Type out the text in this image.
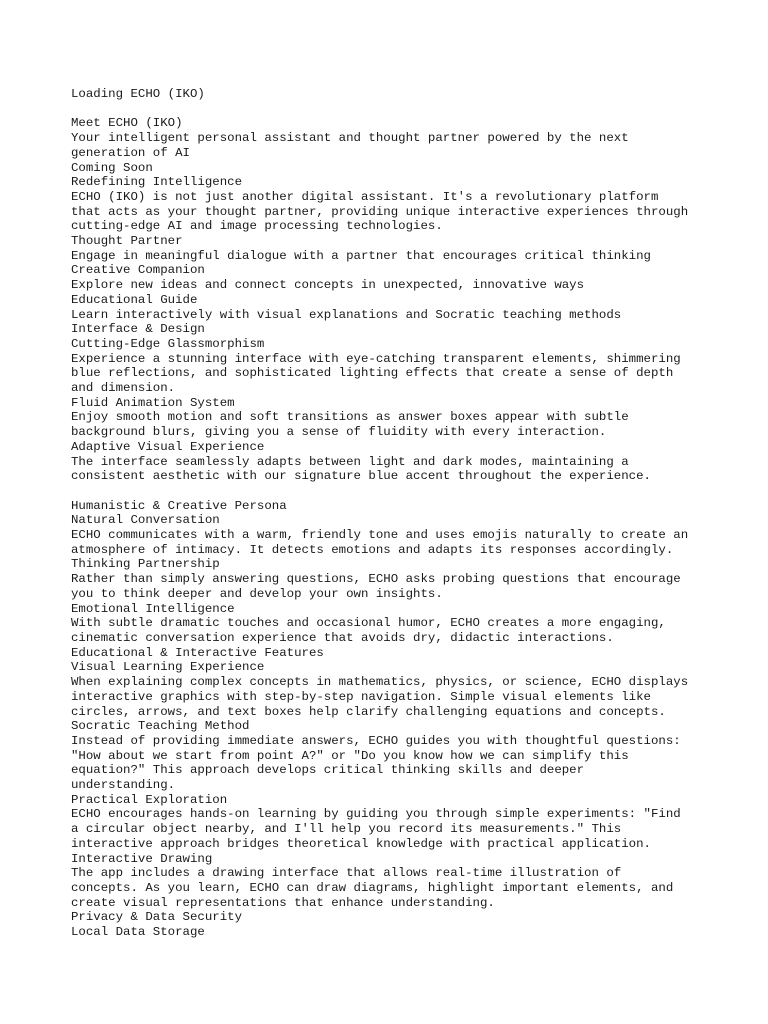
Loading ECHO (IKO)
Meet ECHO (IKO)
Your intelligent personal assistant and thought partner powered by the next
generation of AI
Coming Soon
Redefining Intelligence
ECHO (IKO) is not just another digital assistant. It's a revolutionary platform
that acts as your thought partner, providing unique interactive experiences through
cutting-edge AI and image processing technologies.
Thought Partner
Engage in meaningful dialogue with a partner that encourages critical thinking
Creative Companion
Explore new ideas and connect concepts in unexpected, innovative ways
Educational Guide
Learn interactively with visual explanations and Socratic teaching methods
Interface & Design
Cutting-Edge Glassmorphism
Experience a stunning interface with eye-catching transparent elements, shimmering
blue reflections, and sophisticated lighting effects that create a sense of depth
and dimension.
Fluid Animation System
Enjoy smooth motion and soft transitions as answer boxes appear with subtle
background blurs, giving you a sense of fluidity with every interaction.
Adaptive Visual Experience
The interface seamlessly adapts between light and dark modes, maintaining a
consistent aesthetic with our signature blue accent throughout the experience.
Humanistic & Creative Persona
Natural Conversation
ECHO communicates with a warm, friendly tone and uses emojis naturally to create an
atmosphere of intimacy. It detects emotions and adapts its responses accordingly.
Thinking Partnership
Rather than simply answering questions, ECHO asks probing questions that encourage
you to think deeper and develop your own insights.
Emotional Intelligence
With subtle dramatic touches and occasional humor, ECHO creates a more engaging,
cinematic conversation experience that avoids dry, didactic interactions.
Educational & Interactive Features
Visual Learning Experience
When explaining complex concepts in mathematics, physics, or science, ECHO displays
interactive graphics with step-by-step navigation. Simple visual elements like
circles, arrows, and text boxes help clarify challenging equations and concepts.
Socratic Teaching Method
Instead of providing immediate answers, ECHO guides you with thoughtful questions:
"How about we start from point A?" or "Do you know how we can simplify this
equation?" This approach develops critical thinking skills and deeper
understanding.
Practical Exploration
ECHO encourages hands-on learning by guiding you through simple experiments: "Find
a circular object nearby, and I'll help you record its measurements." This
interactive approach bridges theoretical knowledge with practical application.
Interactive Drawing
The app includes a drawing interface that allows real-time illustration of
concepts. As you learn, ECHO can draw diagrams, highlight important elements, and
create visual representations that enhance understanding.
Privacy & Data Security
Local Data Storage
